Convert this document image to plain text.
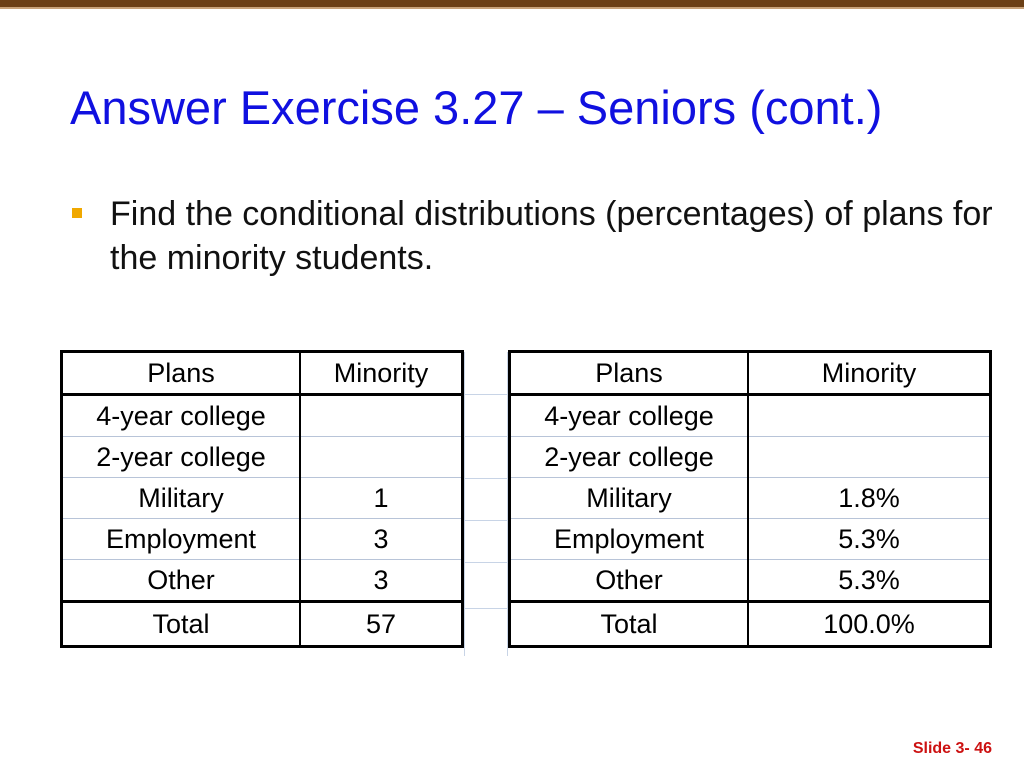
Answer Exercise 3.27 – Seniors (cont.)
Find the conditional distributions (percentages) of plans for the minority students.
Plans	Minority
4-year college	
2-year college	
Military	1
Employment	3
Other	3
Total	57
Plans	Minority
4-year college	
2-year college	
Military	1.8%
Employment	5.3%
Other	5.3%
Total	100.0%
Slide 3- 46
